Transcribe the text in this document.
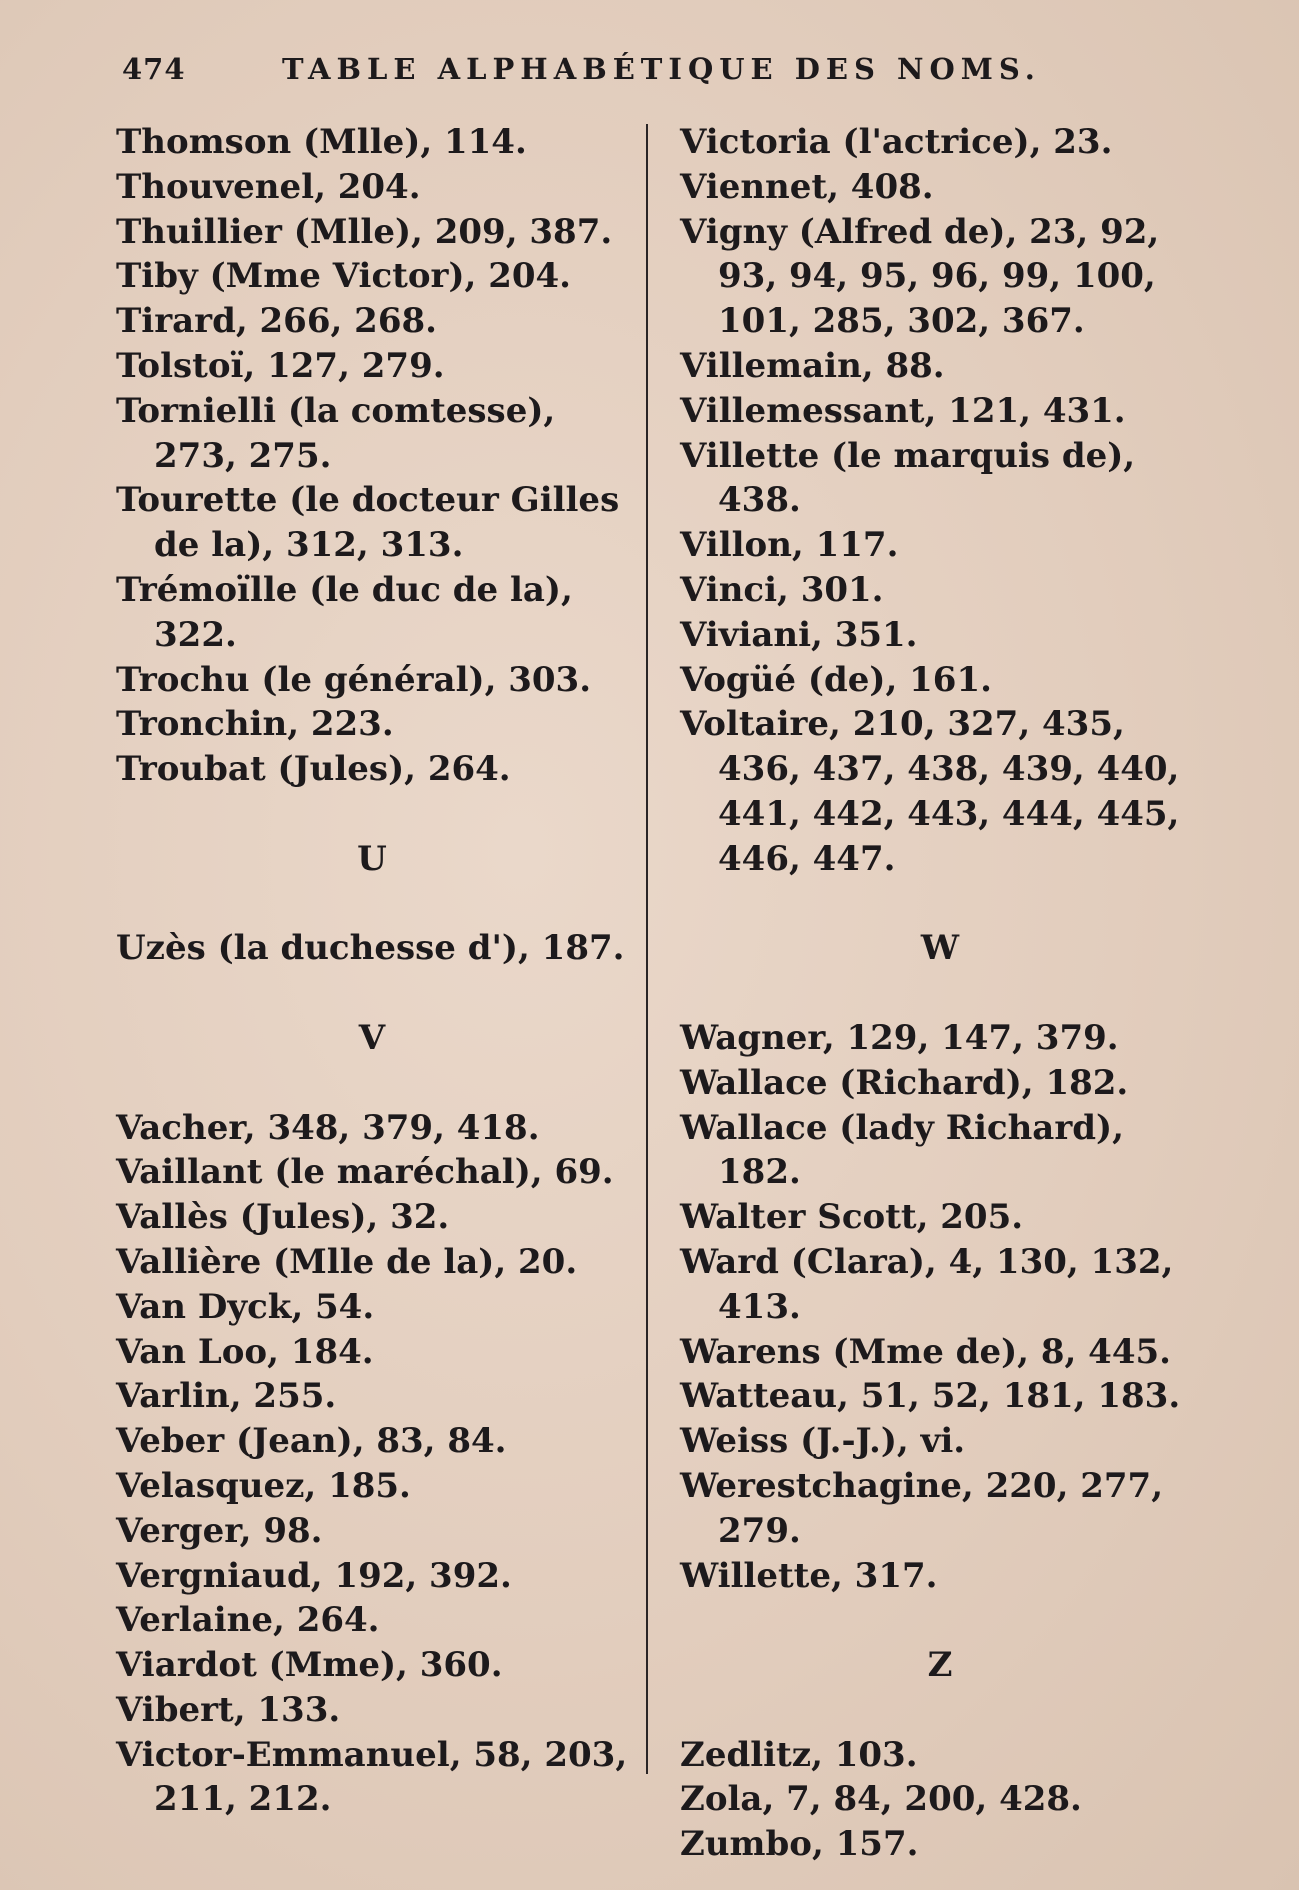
474	TABLE ALPHABÉTIQUE DES NOMS.

Thomson (Mlle), 114.

Thouvenel, 204.

Thuillier (Mlle), 209, 387.

Tiby (Mme Victor), 204.

Tirard, 266, 268.

Tolstoï, 127, 279.

Tornielli (la comtesse), 273, 275.

Tourette (le docteur Gilles de la), 312, 313.

Trémoïlle (le duc de la), 322.

Trochu (le général), 303.

Tronchin, 223.

Troubat (Jules), 264.

U

Uzès (la duchesse d'), 187.

V

Vacher, 348, 379, 418.

Vaillant (le maréchal), 69.

Vallès (Jules), 32.

Vallière (Mlle de la), 20.

Van Dyck, 54.

Van Loo, 184.

Varlin, 255.

Veber (Jean), 83, 84.

Velasquez, 185.

Verger, 98.

Vergniaud, 192, 392.

Verlaine, 264.

Viardot (Mme), 360.

Vibert, 133.

Victor-Emmanuel, 58, 203, 211, 212.

Victoria (l'actrice), 23.

Viennet, 408.

Vigny (Alfred de), 23, 92, 93, 94, 95, 96, 99, 100, 101, 285, 302, 367.

Villemain, 88.

Villemessant, 121, 431.

Villette (le marquis de), 438.

Villon, 117.

Vinci, 301.

Viviani, 351.

Vogüé (de), 161.

Voltaire, 210, 327, 435, 436, 437, 438, 439, 440, 441, 442, 443, 444, 445, 446, 447.

W

Wagner, 129, 147, 379.

Wallace (Richard), 182.

Wallace (lady Richard), 182.

Walter Scott, 205.

Ward (Clara), 4, 130, 132, 413.

Warens (Mme de), 8, 445.

Watteau, 51, 52, 181, 183.

Weiss (J.-J.), vi.

Werestchagine, 220, 277, 279.

Willette, 317.

Z

Zedlitz, 103.

Zola, 7, 84, 200, 428.

Zumbo, 157.
